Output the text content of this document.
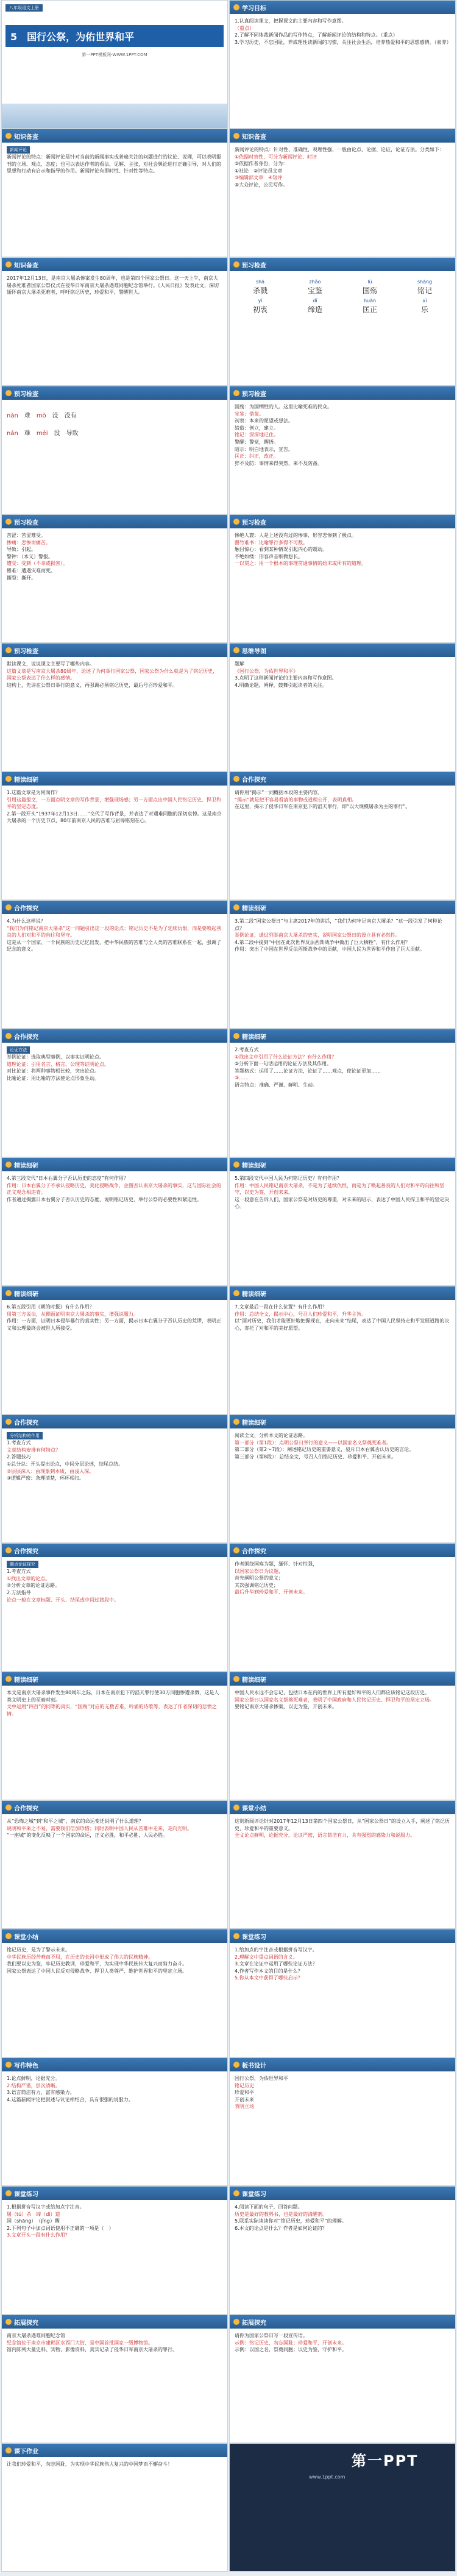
八年级语文上册
5　国行公祭，为佑世界和平
第一PPT模板网-WWW.1PPT.COM
知识备查
新闻评论
新闻评论的特点：新闻评论是针对当前的新闻事实或普遍关注的问题进行的议论、说理，可以表明报刊的立场、观点、态度；也可以表达作者的看法、见解、主张，对社会舆论进行正确引导，对人们的思想和行动有启示和指导的作用。新闻评论有即时性、针对性等特点。
知识备查
2017年12月13日，是南京大屠杀惨案发生80周年，也是第四个国家公祭日。这一天上午，南京大屠杀死难者国家公祭仪式在侵华日军南京大屠杀遇难同胞纪念馆举行。《人民日报》发表此文，深切缅怀南京大屠杀死难者，呼吁铭记历史，珍爱和平，警醒世人。
预习检查
nàn 难 mò 没 没有
nán 难 méi 没 导致
预习检查
苦涩：苦涩难受。
惨痛：悲惨而痛苦。
导致：引起。
警钟：（本义）警报。
遭受：受到（不幸或损害）。
罹难：遭遇灾难而死。
撕裂：撕开。
预习检查
默读课文，说说课文主要写了哪些内容。
这篇文章是写南京大屠杀80周年，论述了为何举行国家公祭，国家公祭为什么就是为了铭记历史，国家公祭表达了什么样的感情。
结构上，先讲在公祭日举行的意义，再强调必须铭记历史，最后号召珍爱和平。
精读细研
1.这篇文章是为何而作？
引用这篇报文，一方面点明文章的写作背景，增强现场感；另一方面点出中国人民铭记历史、捍卫和平的坚定态度。
2.第一段开头“1937年12月13日……”交代了写作背景，并表达了对遇难同胞的深切哀悼。这是南京大屠杀的一个历史节点，80年前南京人民的苦难与屈辱铭刻在心。
合作探究
4.为什么这样说？
“我们为何铭记南京大屠杀”这一问题引出这一段的论点：铭记历史不是为了延续仇恨，而是要唤起善良的人们对和平的向往和坚守。
这是从一个国家、一个民族的历史记忆出发，把中华民族的苦难与全人类的苦难联系在一起，强调了纪念的意义。
合作探究
论证方法
举例论证：选取典型事例，以事实证明论点。
道理论证：引用名言、格言、公理等证明论点。
对比论证：将两种事物相比较，突出论点。
比喻论证：用比喻的方法使论点形象生动。
精读细研
4.第三段交代“日本右翼分子否认历史的态度”有何作用？
作用：日本右翼分子不承认侵略历史，美化侵略战争，企图否认南京大屠杀的事实，这与国际社会的正义观念相违背。
作者通过揭露日本右翼分子否认历史的态度，说明铭记历史、举行公祭的必要性和紧迫性。
精读细研
6.第五段引用《朝的时报》有什么作用？
用第三方说法，从侧面证明南京大屠杀的事实，增强说服力。
作用：一方面，证明日本侵华暴行的真实性；另一方面，揭示日本右翼分子否认历史的荒谬，表明正义和公理最终会被世人所接受。
合作探究
分析结构的作用
1.考查方式
文章结构安排有何特点？
2.答题技巧
①总分总：开头提出论点，中间分层论述，结尾总结。
②层层深入：由现象到本质，由浅入深。
③逻辑严密：条理清楚，环环相扣。
合作探究
题点论证探究
1.考查方式
①找出文章的论点。
②分析文章的论证思路。
2.方法指导
论点一般在文章标题、开头、结尾或中间过渡段中。
精读细研
本文是南京大屠杀事件发生80周年之际，日本在南京犯下的滔天罪行使30万同胞惨遭杀戮，这是人类文明史上的至暗时刻。
文中运用“四百”的同等的真实，“国殇”对应的无数苦难，吟诵的诗歌等，表达了作者深切的悲愤之情。
合作探究
从“恐怖之城”到“和平之城”，南京的命运变迁说明了什么道理？
说明和平来之不易，需要我们倍加珍惜；同时表明中国人民从苦难中走来，走向光明。
“一座城”的变化反映了一个国家的命运，正义必胜，和平必胜，人民必胜。
课堂小结
铭记历史，是为了警示未来。
中华民族历经苦难而不屈，在历史的长河中形成了伟大的民族精神。
我们要以史为鉴，牢记历史教训，珍爱和平，为实现中华民族伟大复兴而努力奋斗。
国家公祭表达了中国人民反对侵略战争、捍卫人类尊严、维护世界和平的坚定立场。
写作特色
1.论点鲜明，论据充分。
2.结构严谨，层次清晰。
3.语言简洁有力，富有感染力。
4.这篇新闻评论把叙述与议论相结合，具有很强的说服力。
课堂练习
1.根据拼音写汉字或给加点字注音。
屠（tú）杀　缔（dì）造
国（shāng）　（jǐng）醒
2.下列句子中加点词语使用不正确的一项是（　）
3.文章开头一段有什么作用？
拓展探究
南京大屠杀遇难同胞纪念馆
纪念馆位于南京市建邺区水西门大街，是中国首批国家一级博物馆。
馆内陈列大量史料、实物、影像资料，真实记录了侵华日军南京大屠杀的罪行。
课下作业
让我们珍爱和平，勿忘国耻，为实现中华民族伟大复兴的中国梦而不懈奋斗！
学习目标
1.认真阅读课文，把握课文的主要内容和写作意图。
（重点）
2.了解不同体裁新闻作品的写作特点，了解新闻评论的结构和特点。（重点）
3.学习历史，不忘国耻，养成理性读新闻的习惯，关注社会生活，培养热爱和平的思想感情。（素养）
知识备查
新闻评论的特点：针对性、准确性，观理性强，一般由论点、论据、论证，论证方法。分类如下：
①依据时效性，可分为新闻评论、时评
②依据作者身份，分为：
①社论　②评论员文章
③编辑部文章　④短评
⑤大众评论，公民写作。
预习检查
shā
杀戮
zhǎo
宝鉴
lù
国殇
shāng
铭记
yí
初衷
dǐ
缔造
huàn
匡正
xī
乐
预习检查
国殇：为国牺牲的人。这里比喻死难的民众。
宝鉴：借鉴。
初衷：本来的愿望或想法。
缔造：创立，建立。
铭记：深深地记住。
警醒：警觉，醒悟。
昭示：明白地表示，宣告。
匡正：纠正，改正。
猝不及防：事情来得突然，来不及防备。
预习检查
惨绝人寰：人是上述没有过的惨事，形容悲惨到了极点。
罄竹难书：比喻罪行多得不可数。
触目惊心：看到某种情况引起内心的震动。
不绝如缕：形容声音细微悠长。
一以贯之：用一个根本的事理贯通事情的始末或所有的道理。
思维导图
题解
《国行公祭，为佑世界和平》
3.点明了这则新闻评论的主要内容和写作意图。
4.明确论题，阐释，鼓舞引起读者的关注。
合作探究
请你用“揭示”一词概括本段的主要内容。
“揭示”就是把不容易看清的事物或道理公开，表明真相。
在这里，揭示了侵华日军在南京犯下的滔天罪行，即“以大规模屠杀为主的罪行”。
精读细研
3.第二段“国家公祭日”与主席2017年的讲话，“我们为何牢记南京大屠杀？”这一段引发了何种论点？
举例论证，通过列举南京大屠杀的史实，说明国家公祭日的设立具有必然性。
4.第二段中提到“中国在此次世界反法西斯战争中做出了巨大牺牲”，有什么作用？
作用：突出了中国在世界反法西斯战争中的贡献，中国人民为世界和平作出了巨大贡献。
精读细研
2.考查方式
①找出文中引用了什么论证方法？有什么作用？
②分析下面一句话运用的论证方法及其作用。
答题格式：运用了……论证方法，论证了……观点，使论证更加……
③……
语言特点：准确、严谨、鲜明、生动。
精读细研
5.第四段交代中国人民为何铭记历史？有何作用？
作用：中国人民铭记南京大屠杀，不是为了延续仇恨，而是为了唤起善良的人们对和平的向往和坚守，以史为鉴、开创未来。
这一段意在告诉人们，国家公祭是对历史的尊重，对未来的昭示，表达了中国人民捍卫和平的坚定决心。
精读细研
7.文章最后一段在什么位置？有什么作用？
作用：总结全文，揭示中心，号召人们珍爱和平，升华主旨。
以“面对历史，我们才能更好地把握现在，走向未来”结尾，表达了中国人民坚持走和平发展道路的决心，寄托了对和平的美好愿望。
精读细研
阅读全文，分析本文的论证思路。
第一部分（第1段）：点明公祭日举行的意义——以国家名义祭奠死难者。
第二部分（第2～7段）：阐述铭记历史的重要意义，驳斥日本右翼否认历史的言论。
第三部分（第8段）：总结全文，号召人们铭记历史、珍爱和平、开创未来。
合作探究
作者围绕国殇为题，缅怀、针对性强，
以国家公祭日为议题，
首先阐明公祭的意义；
其次强调铭记历史；
最后升华到珍爱和平、开创未来。
精读细研
中国人民永远不会忘记，包括日本在内的世界上所有爱好和平的人们都应该铭记这段历史。
国家公祭日以国家名义祭奠死难者，表明了中国政府和人民铭记历史、捍卫和平的坚定立场。
要铭记南京大屠杀惨案，以史为鉴，开创未来。
课堂小结
这则新闻评论针对2017年12月13日第四个国家公祭日，从“国家公祭日”的设立入手，阐述了铭记历史、珍爱和平的重要意义。
全文论点鲜明，论据充分，论证严密，语言简洁有力，具有强烈的感染力和说服力。
课堂练习
1.给加点的字注音或根据拼音写汉字。
2.理解文中重点词语的含义。
3.文章在论证中运用了哪些论证方法？
4.作者写作本文的目的是什么？
5.你从本文中获得了哪些启示？
板书设计
国行公祭，为佑世界和平
铭记历史
珍爱和平
开创未来
表明立场
课堂练习
4.阅读下面的句子，回答问题。
历史是最好的教科书，也是最好的清醒剂。
5.联系实际谈谈你对“铭记历史，珍爱和平”的理解。
6.本文的论点是什么？作者是如何论证的？
拓展探究
请你为国家公祭日写一段宣传语。
示例：铭记历史，勿忘国耻；珍爱和平，开创未来。
示例：以国之名，祭奠同胞；以史为鉴，守护和平。
第一PPT
www.1ppt.com
